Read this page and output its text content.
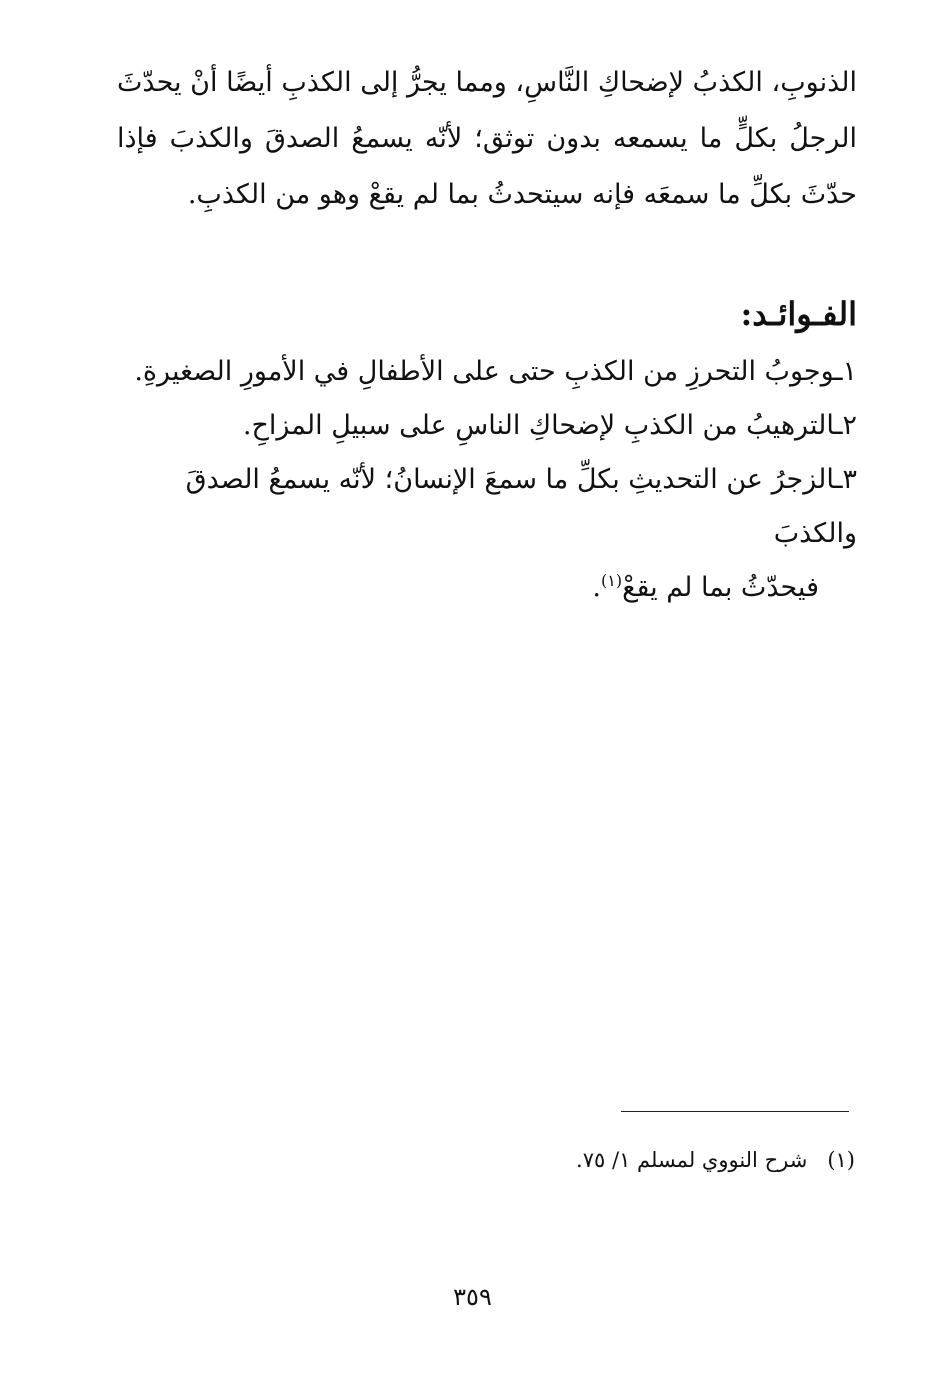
الذنوبِ، الكذبُ لإضحاكِ النَّاسِ، ومما يجرُّ إلى الكذبِ أيضًا أنْ يحدّثَ الرجلُ بكلٍّ ما يسمعه بدون توثق؛ لأنّه يسمعُ الصدقَ والكذبَ فإذا حدّثَ بكلِّ ما سمعَه فإنه سيتحدثُ بما لم يقعْ وهو من الكذبِ.

الفـوائـد:
١ـوجوبُ التحرزِ من الكذبِ حتى على الأطفالِ في الأمورِ الصغيرةِ.
٢ـالترهيبُ من الكذبِ لإضحاكِ الناسِ على سبيلِ المزاحِ.
٣ـالزجرُ عن التحديثِ بكلِّ ما سمعَ الإنسانُ؛ لأنّه يسمعُ الصدقَ والكذبَ
فيحدّثُ بما لم يقعْ$^{(١)}$.
(١)شرح النووي لمسلم ١/ ٧٥.
٣٥٩
